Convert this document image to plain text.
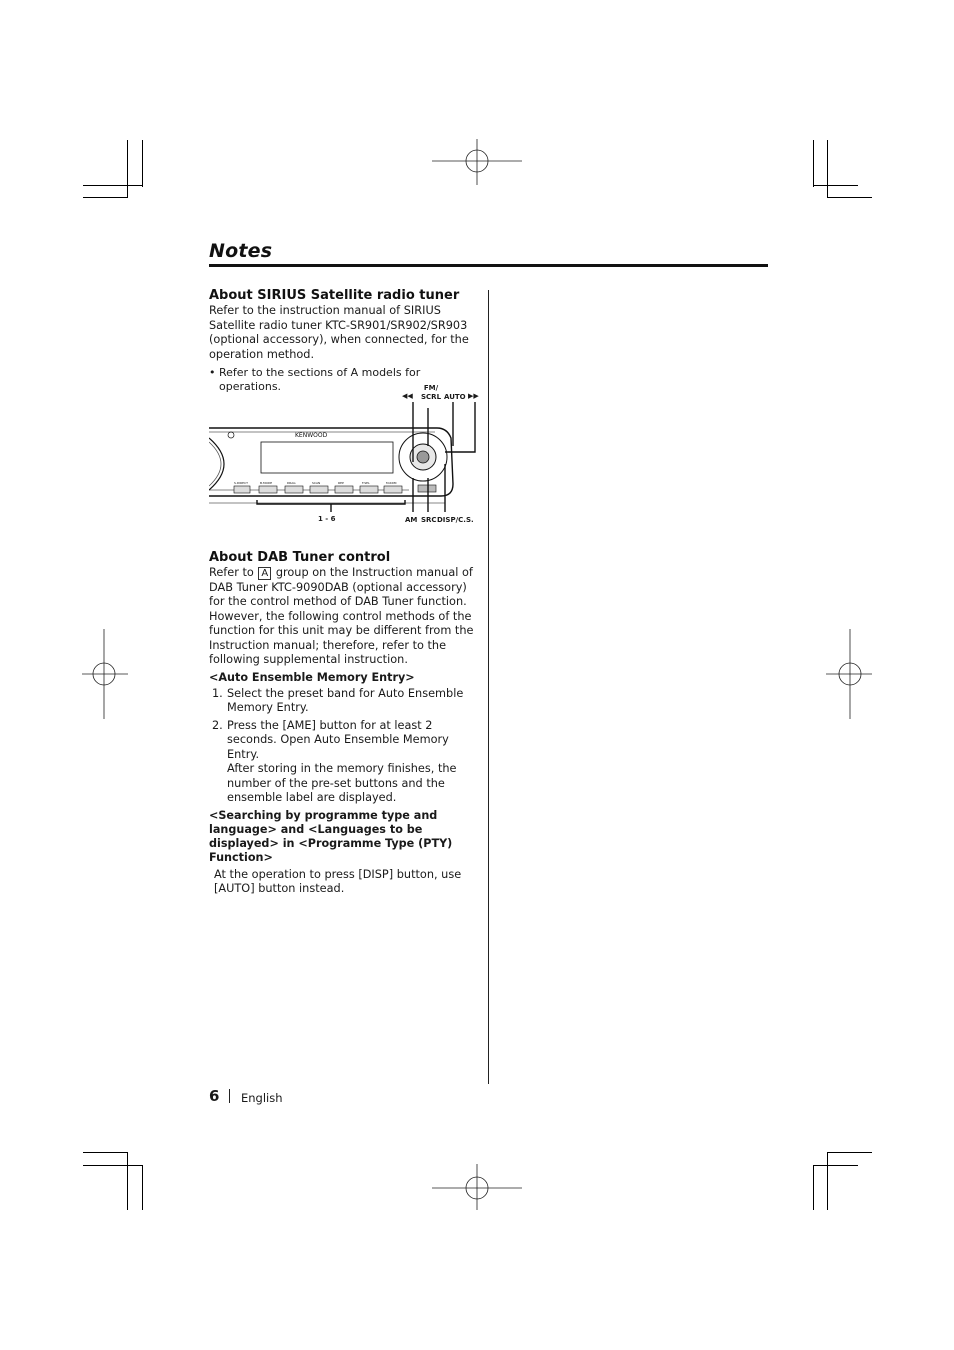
Notes
About SIRIUS Satellite radio tuner

Refer to the instruction manual of SIRIUS Satellite radio tuner KTC-SR901/SR902/SR903 (optional accessory), when connected, for the operation method.

• Refer to the sections of A models for operations.
S.DIRECT	B.MODE	DRAG	SCAN	REP	F.SEL	M.RDM
KENWOOD
◀◀
FM/
SCRL AUTO ▶▶
1 - 6	AM SRC DISP/C.S.
About DAB Tuner control

Refer to A group on the Instruction manual of DAB Tuner KTC-9090DAB (optional accessory) for the control method of DAB Tuner function.

However, the following control methods of the function for this unit may be different from the Instruction manual; therefore, refer to the following supplemental instruction.

<Auto Ensemble Memory Entry>
1. Select the preset band for Auto Ensemble Memory Entry.
2. Press the [AME] button for at least 2 seconds. Open Auto Ensemble Memory Entry.
After storing in the memory finishes, the number of the pre-set buttons and the ensemble label are displayed.
<Searching by programme type and language> and <Languages to be displayed> in <Programme Type (PTY) Function>

At the operation to press [DISP] button, use [AUTO] button instead.

6 English
